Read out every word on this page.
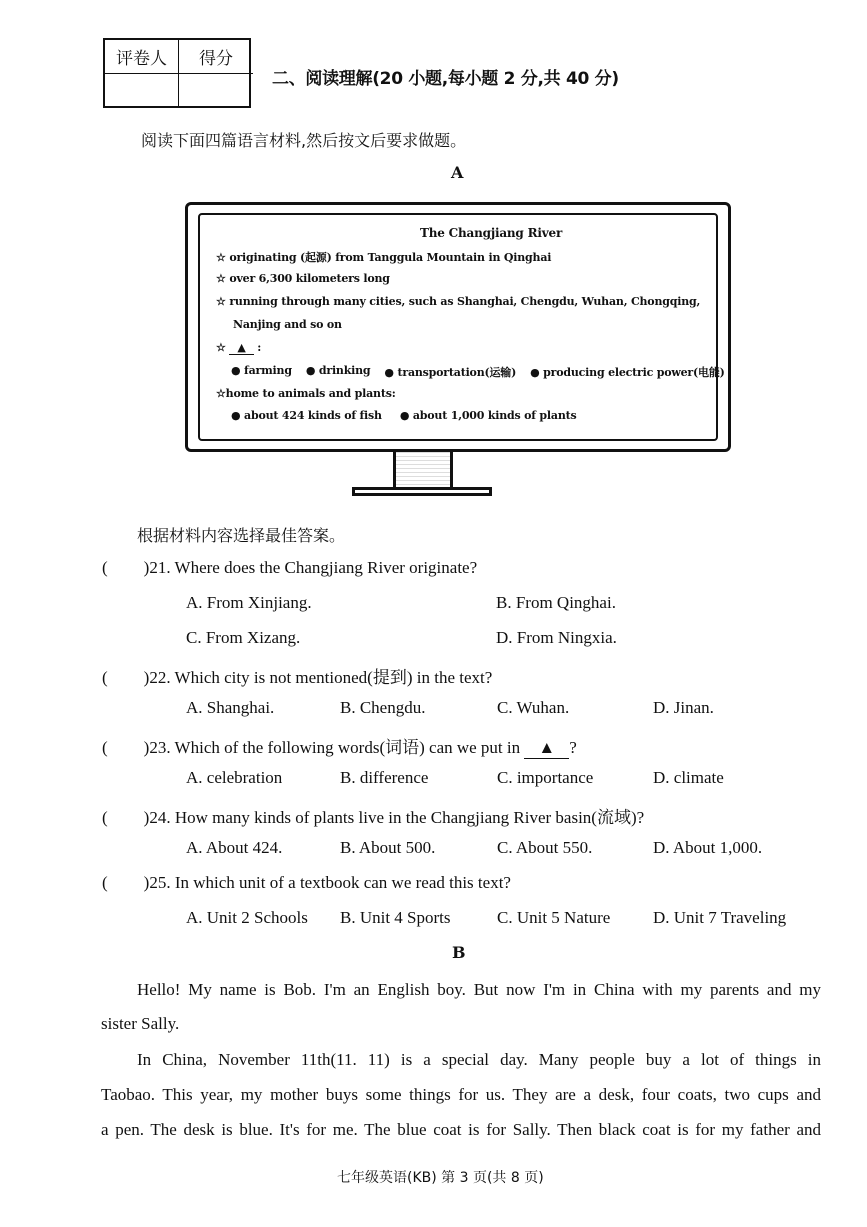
评卷人	得分
二、阅读理解(20 小题,每小题 2 分,共 40 分)
阅读下面四篇语言材料,然后按文后要求做题。
A
The Changjiang River
☆ originating (起源) from Tanggula Mountain in Qinghai
☆ over 6,300 kilometers long
☆ running through many cities, such as Shanghai, Chengdu, Wuhan, Chongqing,
Nanjing and so on
☆ ▲ :
● farming ● drinking ● transportation(运输) ● producing electric power(电能)
☆home to animals and plants:
● about 424 kinds of fish ● about 1,000 kinds of plants
根据材料内容选择最佳答案。
( )21. Where does the Changjiang River originate?
A. From Xinjiang.	B. From Qinghai.
C. From Xizang.	D. From Ningxia.
( )22. Which city is not mentioned(提到) in the text?
A. Shanghai.	B. Chengdu.	C. Wuhan.	D. Jinan.
( )23. Which of the following words(词语) can we put in ▲ ?
A. celebration	B. difference	C. importance	D. climate
( )24. How many kinds of plants live in the Changjiang River basin(流域)?
A. About 424.	B. About 500.	C. About 550.	D. About 1,000.
( )25. In which unit of a textbook can we read this text?
A. Unit 2 Schools B. Unit 4 Sports	C. Unit 5 Nature	D. Unit 7 Traveling
B
Hello! My name is Bob. I'm an English boy. But now I'm in China with my parents and my
sister Sally.
In China, November 11th(11. 11) is a special day. Many people buy a lot of things in
Taobao. This year, my mother buys some things for us. They are a desk, four coats, two cups and
a pen. The desk is blue. It's for me. The blue coat is for Sally. Then black coat is for my father and
七年级英语(KB) 第 3 页(共 8 页)
